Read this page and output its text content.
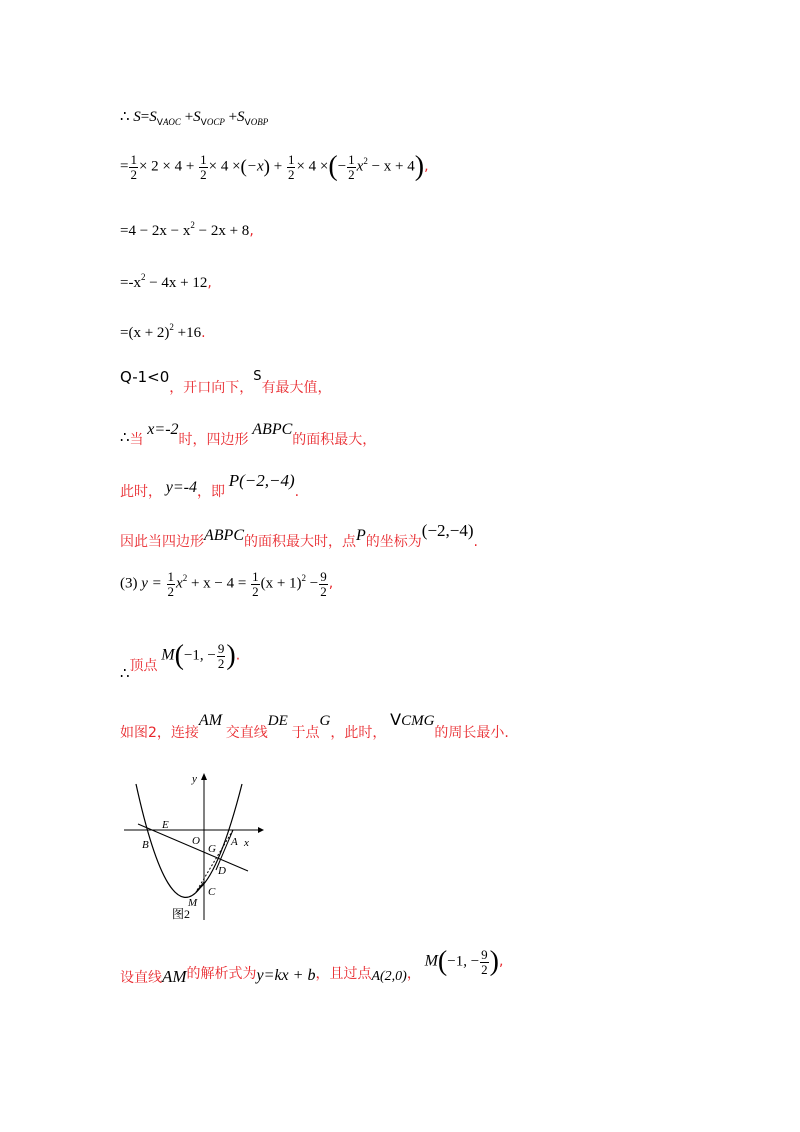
∴ $S=S_{VAOC} +S_{VOCP} +S_{VOBP}$
= $\frac{1}{2} \times 2 \times 4 + \frac{1}{2} \times 4 \times(-x) + \frac{1}{2} \times 4$ ×(− $\frac{1}{2} x^2 - x + 4$),
$=4 - 2x - x^2 - 2x + 8$,
$=-x^2 - 4x + 12$,
$=(x + 2)^2 +16$.
Q-1<0，开口向下，S有最大值，
∴当 x=-2时，四边形 ABPC的面积最大，
此时， y=-4，即 P(−2,−4).
因此当四边形ABPC的面积最大时，点P的坐标为(−2,−4).
(3) $y = \frac{1}{2} x^2 + x - 4 = \frac{1}{2} (x + 1)^2 - \frac{9}{2}$ ,
∴顶点 M(−1, − $\frac{9}{2}$ ).
如图2，连接AM 交直线DE 于点G，此时， VCMG的周长最小.
y
x
E
O	A
B	G
D
C
M
图2
设直线AM的解析式为y=kx + b，且过点A(2,0)， M(−1, − $\frac{9}{2}$ ),
